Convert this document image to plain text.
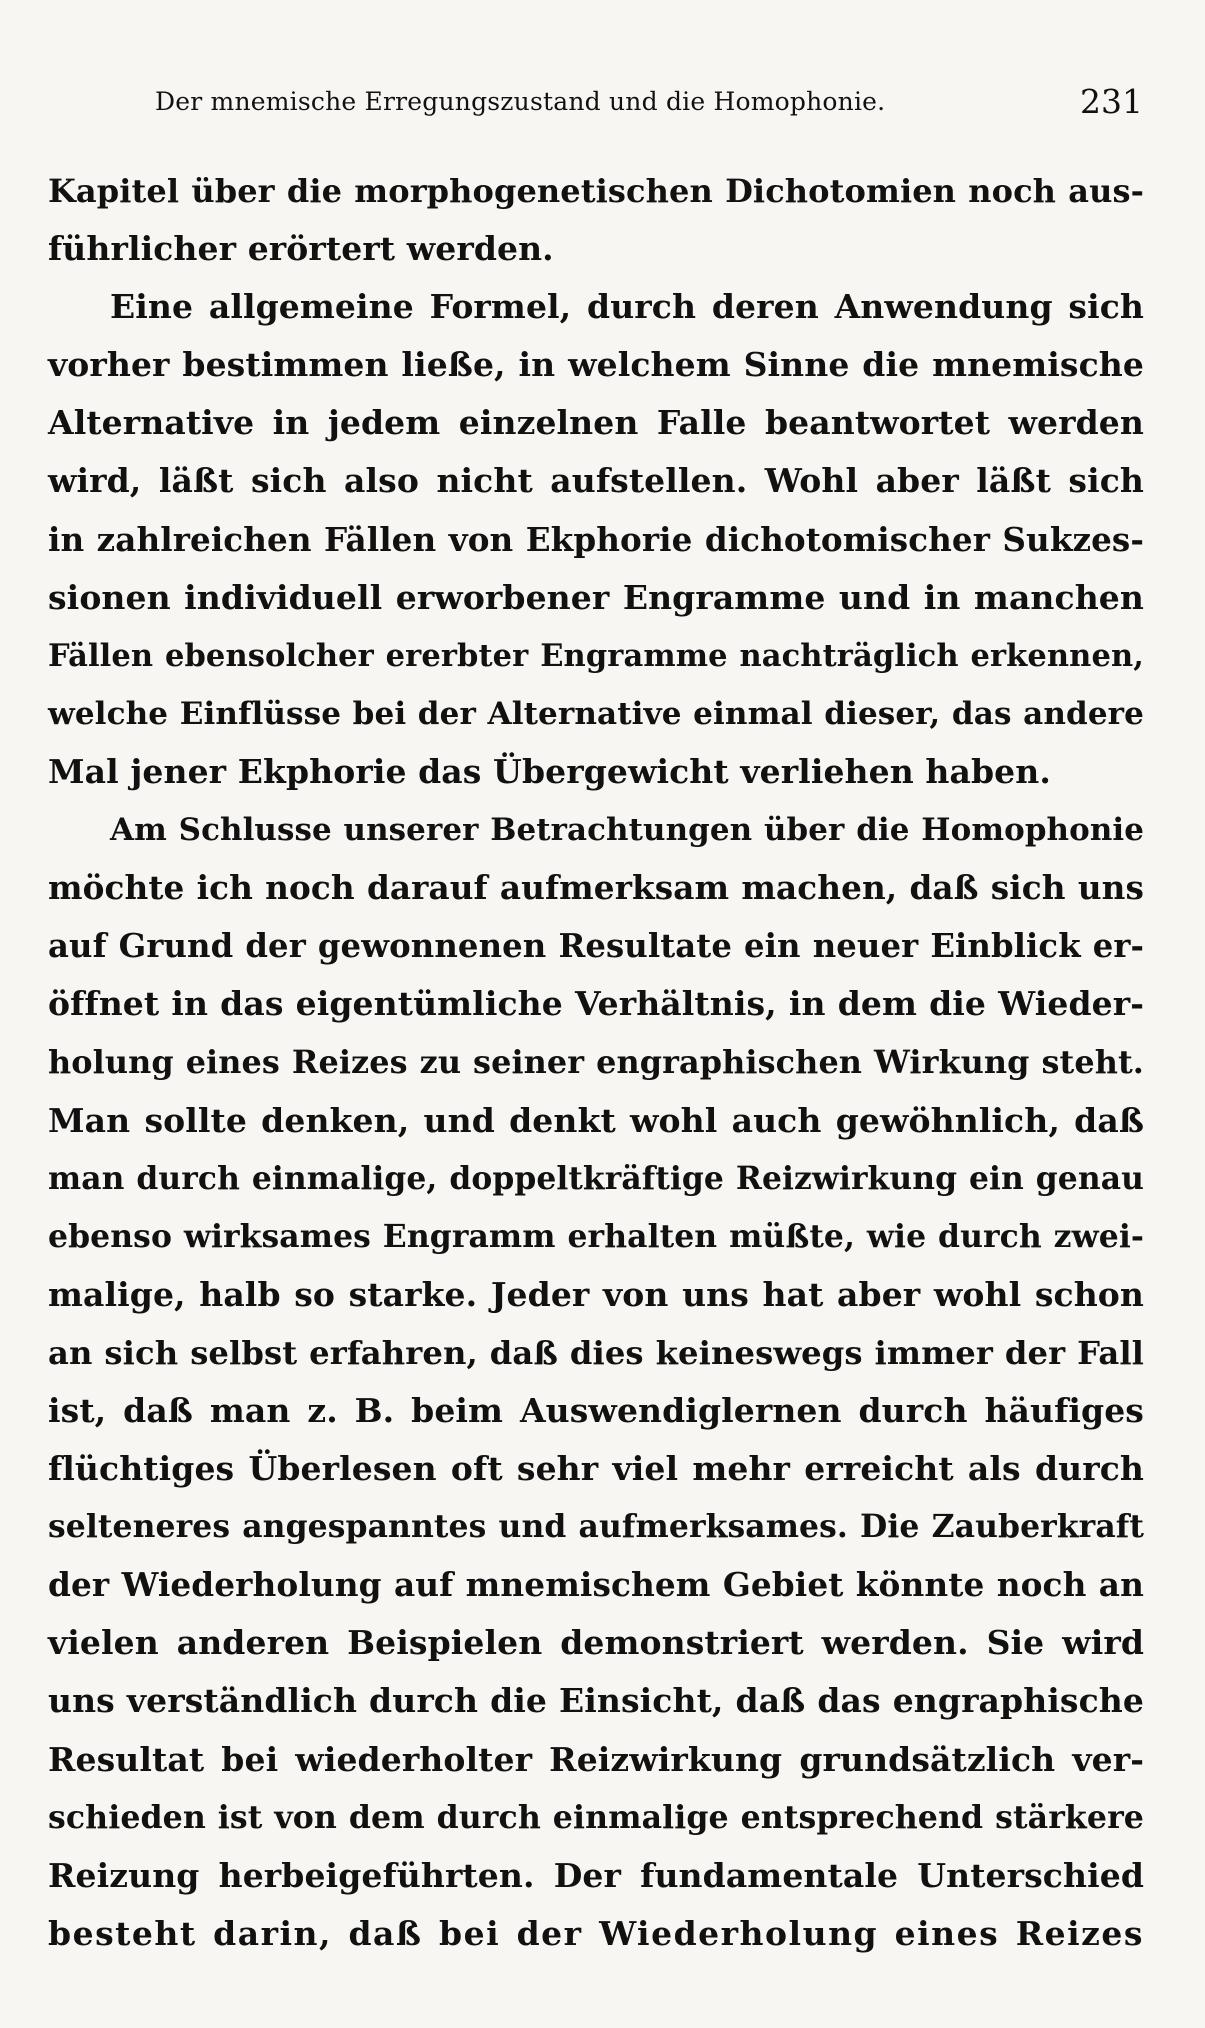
Der mnemische Erregungszustand und die Homophonie.	231
Kapitel über die morphogenetischen Dichotomien noch aus-
führlicher erörtert werden.
Eine allgemeine Formel, durch deren Anwendung sich
vorher bestimmen ließe, in welchem Sinne die mnemische
Alternative in jedem einzelnen Falle beantwortet werden
wird, läßt sich also nicht aufstellen. Wohl aber läßt sich
in zahlreichen Fällen von Ekphorie dichotomischer Sukzes-
sionen individuell erworbener Engramme und in manchen
Fällen ebensolcher ererbter Engramme nachträglich erkennen,
welche Einflüsse bei der Alternative einmal dieser, das andere
Mal jener Ekphorie das Übergewicht verliehen haben.
Am Schlusse unserer Betrachtungen über die Homophonie
möchte ich noch darauf aufmerksam machen, daß sich uns
auf Grund der gewonnenen Resultate ein neuer Einblick er-
öffnet in das eigentümliche Verhältnis, in dem die Wieder-
holung eines Reizes zu seiner engraphischen Wirkung steht.
Man sollte denken, und denkt wohl auch gewöhnlich, daß
man durch einmalige, doppeltkräftige Reizwirkung ein genau
ebenso wirksames Engramm erhalten müßte, wie durch zwei-
malige, halb so starke. Jeder von uns hat aber wohl schon
an sich selbst erfahren, daß dies keineswegs immer der Fall
ist, daß man z. B. beim Auswendiglernen durch häufiges
flüchtiges Überlesen oft sehr viel mehr erreicht als durch
selteneres angespanntes und aufmerksames. Die Zauberkraft
der Wiederholung auf mnemischem Gebiet könnte noch an
vielen anderen Beispielen demonstriert werden. Sie wird
uns verständlich durch die Einsicht, daß das engraphische
Resultat bei wiederholter Reizwirkung grundsätzlich ver-
schieden ist von dem durch einmalige entsprechend stärkere
Reizung herbeigeführten. Der fundamentale Unterschied
besteht darin, daß bei der Wiederholung eines Reizes
